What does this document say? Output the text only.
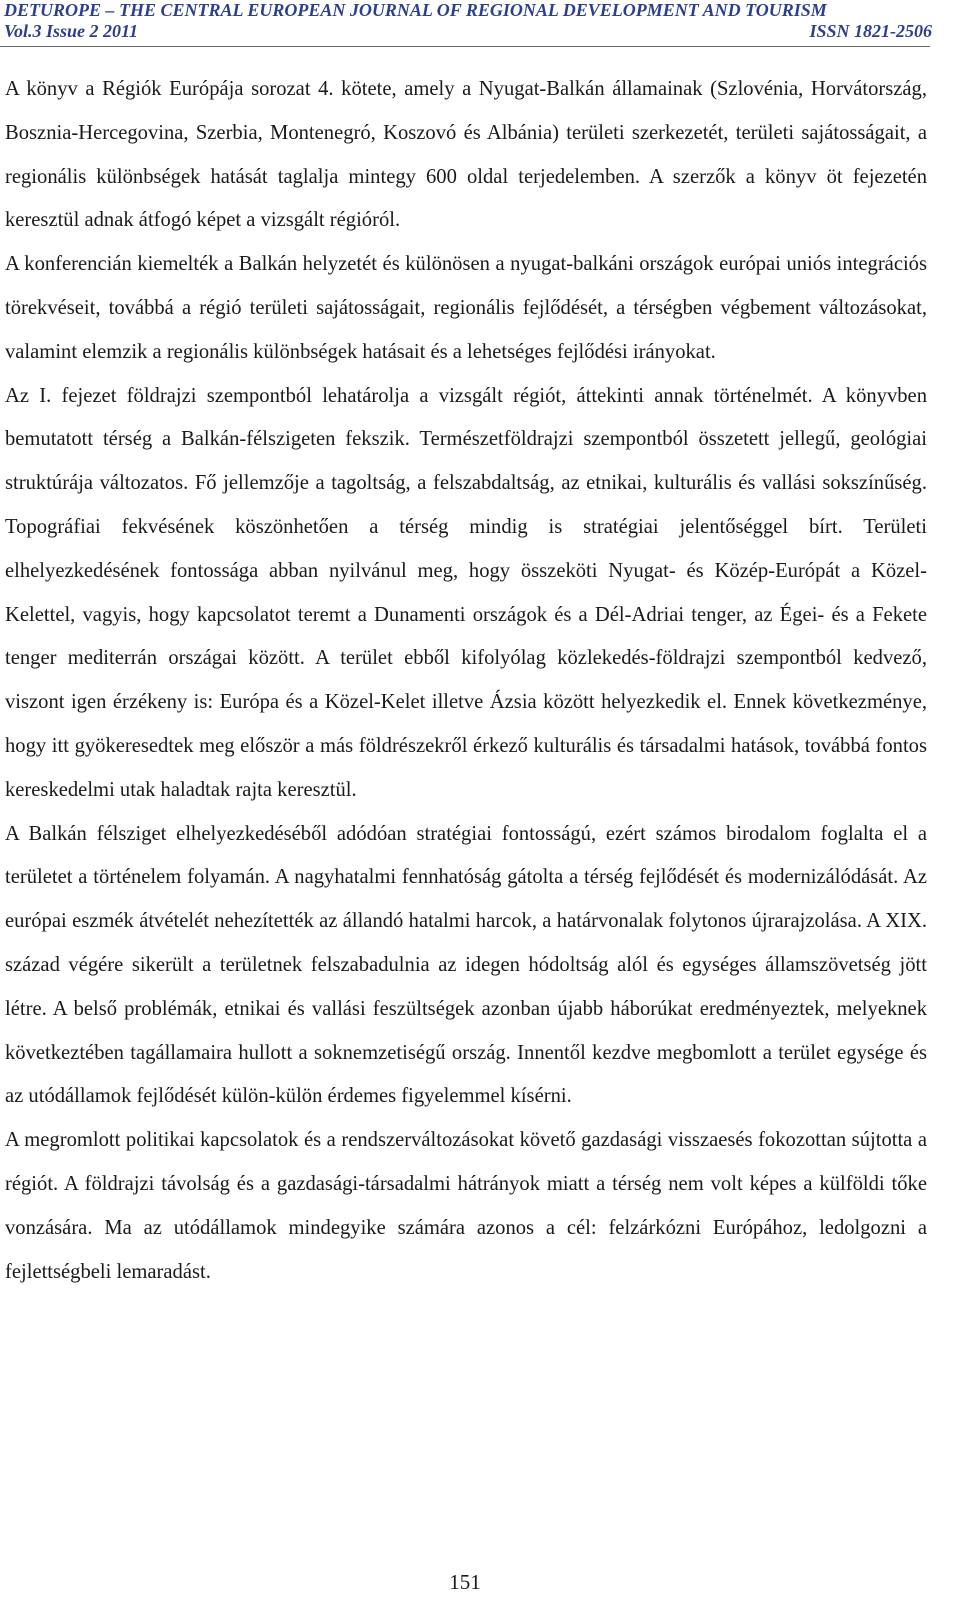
DETUROPE – THE CENTRAL EUROPEAN JOURNAL OF REGIONAL DEVELOPMENT AND TOURISM
Vol.3 Issue 2 2011	ISSN 1821-2506

A könyv a Régiók Európája sorozat 4. kötete, amely a Nyugat-Balkán államainak (Szlovénia, Horvátország, Bosznia-Hercegovina, Szerbia, Montenegró, Koszovó és Albánia) területi szerkezetét, területi sajátosságait, a regionális különbségek hatását taglalja mintegy 600 oldal terjedelemben. A szerzők a könyv öt fejezetén keresztül adnak átfogó képet a vizsgált régióról.

A konferencián kiemelték a Balkán helyzetét és különösen a nyugat-balkáni országok európai uniós integrációs törekvéseit, továbbá a régió területi sajátosságait, regionális fejlődését, a térségben végbement változásokat, valamint elemzik a regionális különbségek hatásait és a lehetséges fejlődési irányokat.

Az I. fejezet földrajzi szempontból lehatárolja a vizsgált régiót, áttekinti annak történelmét. A könyvben bemutatott térség a Balkán-félszigeten fekszik. Természetföldrajzi szempontból összetett jellegű, geológiai struktúrája változatos. Fő jellemzője a tagoltság, a felszabdaltság, az etnikai, kulturális és vallási sokszínűség. Topográfiai fekvésének köszönhetően a térség mindig is stratégiai jelentőséggel bírt. Területi elhelyezkedésének fontossága abban nyilvánul meg, hogy összeköti Nyugat- és Közép-Európát a Közel-Kelettel, vagyis, hogy kapcsolatot teremt a Dunamenti országok és a Dél-Adriai tenger, az Égei- és a Fekete tenger mediterrán országai között. A terület ebből kifolyólag közlekedés-földrajzi szempontból kedvező, viszont igen érzékeny is: Európa és a Közel-Kelet illetve Ázsia között helyezkedik el. Ennek következménye, hogy itt gyökeresedtek meg először a más földrészekről érkező kulturális és társadalmi hatások, továbbá fontos kereskedelmi utak haladtak rajta keresztül.

A Balkán félsziget elhelyezkedéséből adódóan stratégiai fontosságú, ezért számos birodalom foglalta el a területet a történelem folyamán. A nagyhatalmi fennhatóság gátolta a térség fejlődését és modernizálódását. Az európai eszmék átvételét nehezítették az állandó hatalmi harcok, a határvonalak folytonos újrarajzolása. A XIX. század végére sikerült a területnek felszabadulnia az idegen hódoltság alól és egységes államszövetség jött létre. A belső problémák, etnikai és vallási feszültségek azonban újabb háborúkat eredményeztek, melyeknek következtében tagállamaira hullott a soknemzetiségű ország. Innentől kezdve megbomlott a terület egysége és az utódállamok fejlődését külön-külön érdemes figyelemmel kísérni.

A megromlott politikai kapcsolatok és a rendszerváltozásokat követő gazdasági visszaesés fokozottan sújtotta a régiót. A földrajzi távolság és a gazdasági-társadalmi hátrányok miatt a térség nem volt képes a külföldi tőke vonzására. Ma az utódállamok mindegyike számára azonos a cél: felzárkózni Európához, ledolgozni a fejlettségbeli lemaradást.

151
